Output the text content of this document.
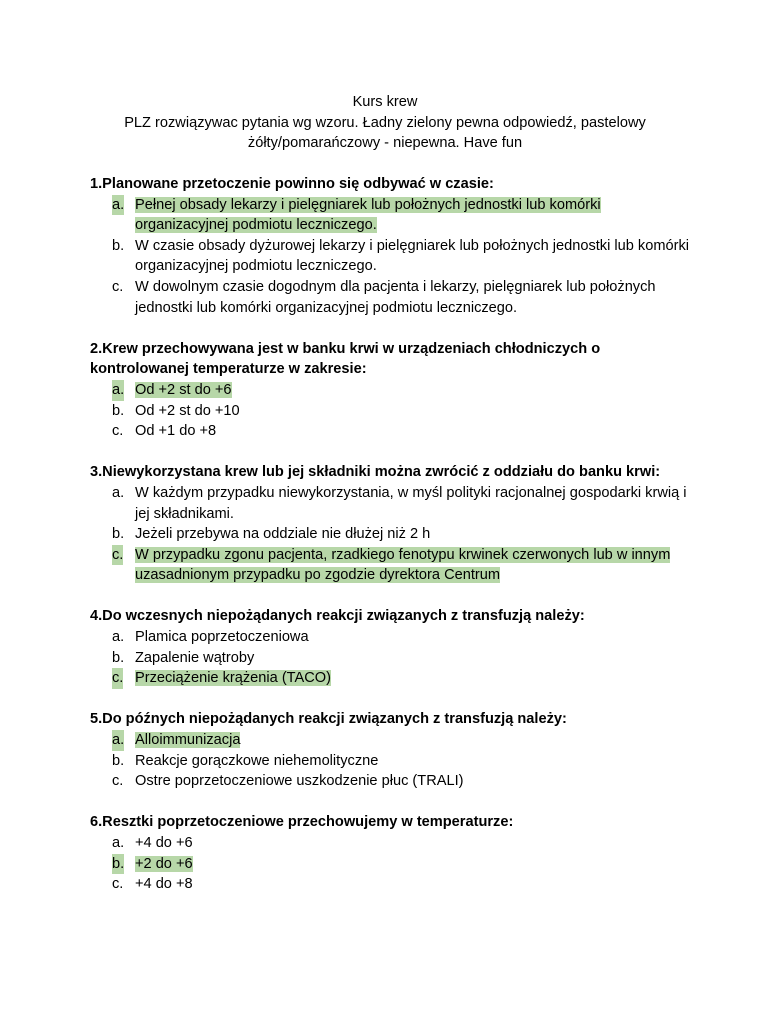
Kurs krew
PLZ rozwiązywac pytania wg wzoru. Ładny zielony pewna odpowiedź, pastelowy
żółty/pomarańczowy - niepewna. Have fun
1.Planowane przetoczenie powinno się odbywać w czasie:
a. Pełnej obsady lekarzy i pielęgniarek lub położnych jednostki lub komórki organizacyjnej podmiotu leczniczego.
b. W czasie obsady dyżurowej lekarzy i pielęgniarek lub położnych jednostki lub komórki organizacyjnej podmiotu leczniczego.
c. W dowolnym czasie dogodnym dla pacjenta i lekarzy, pielęgniarek lub położnych jednostki lub komórki organizacyjnej podmiotu leczniczego.
2.Krew przechowywana jest w banku krwi w urządzeniach chłodniczych o kontrolowanej temperaturze w zakresie:
a. Od +2 st do +6
b. Od +2 st do +10
c. Od +1 do +8
3.Niewykorzystana krew lub jej składniki można zwrócić z oddziału do banku krwi:
a. W każdym przypadku niewykorzystania, w myśl polityki racjonalnej gospodarki krwią i jej składnikami.
b. Jeżeli przebywa na oddziale nie dłużej niż 2 h
c. W przypadku zgonu pacjenta, rzadkiego fenotypu krwinek czerwonych lub w innym uzasadnionym przypadku po zgodzie dyrektora Centrum
4.Do wczesnych niepożądanych reakcji związanych z transfuzją należy:
a. Plamica poprzetoczeniowa
b. Zapalenie wątroby
c. Przeciążenie krążenia (TACO)
5.Do późnych niepożądanych reakcji związanych z transfuzją należy:
a. Alloimmunizacja
b. Reakcje gorączkowe niehemolityczne
c. Ostre poprzetoczeniowe uszkodzenie płuc (TRALI)
6.Resztki poprzetoczeniowe przechowujemy w temperaturze:
a. +4 do +6
b. +2 do +6
c. +4 do +8
